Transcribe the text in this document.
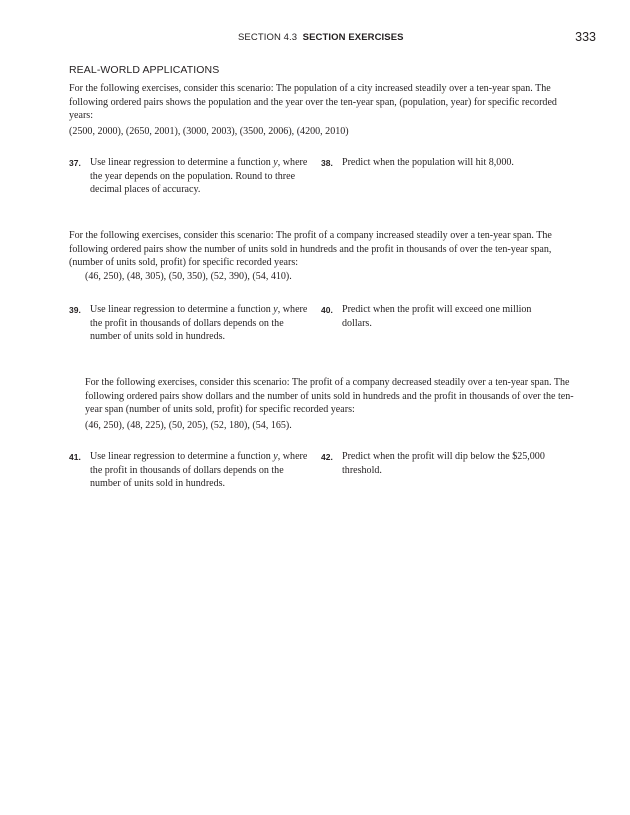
SECTION 4.3 SECTION EXERCISES	333
REAL-WORLD APPLICATIONS

For the following exercises, consider this scenario: The population of a city increased steadily over a ten-year span. The following ordered pairs shows the population and the year over the ten-year span, (population, year) for specific recorded years:

(2500, 2000), (2650, 2001), (3000, 2003), (3500, 2006), (4200, 2010)
37. Use linear regression to determine a function y, where the year depends on the population. Round to three decimal places of accuracy.
38. Predict when the population will hit 8,000.

For the following exercises, consider this scenario: The profit of a company increased steadily over a ten-year span. The following ordered pairs show the number of units sold in hundreds and the profit in thousands of over the ten-year span, (number of units sold, profit) for specific recorded years:

(46, 250), (48, 305), (50, 350), (52, 390), (54, 410).
39. Use linear regression to determine a function y, where the profit in thousands of dollars depends on the number of units sold in hundreds.
40. Predict when the profit will exceed one million dollars.

For the following exercises, consider this scenario: The profit of a company decreased steadily over a ten-year span. The following ordered pairs show dollars and the number of units sold in hundreds and the profit in thousands of over the ten-year span (number of units sold, profit) for specific recorded years:

(46, 250), (48, 225), (50, 205), (52, 180), (54, 165).
41. Use linear regression to determine a function y, where the profit in thousands of dollars depends on the number of units sold in hundreds.
42. Predict when the profit will dip below the $25,000 threshold.
